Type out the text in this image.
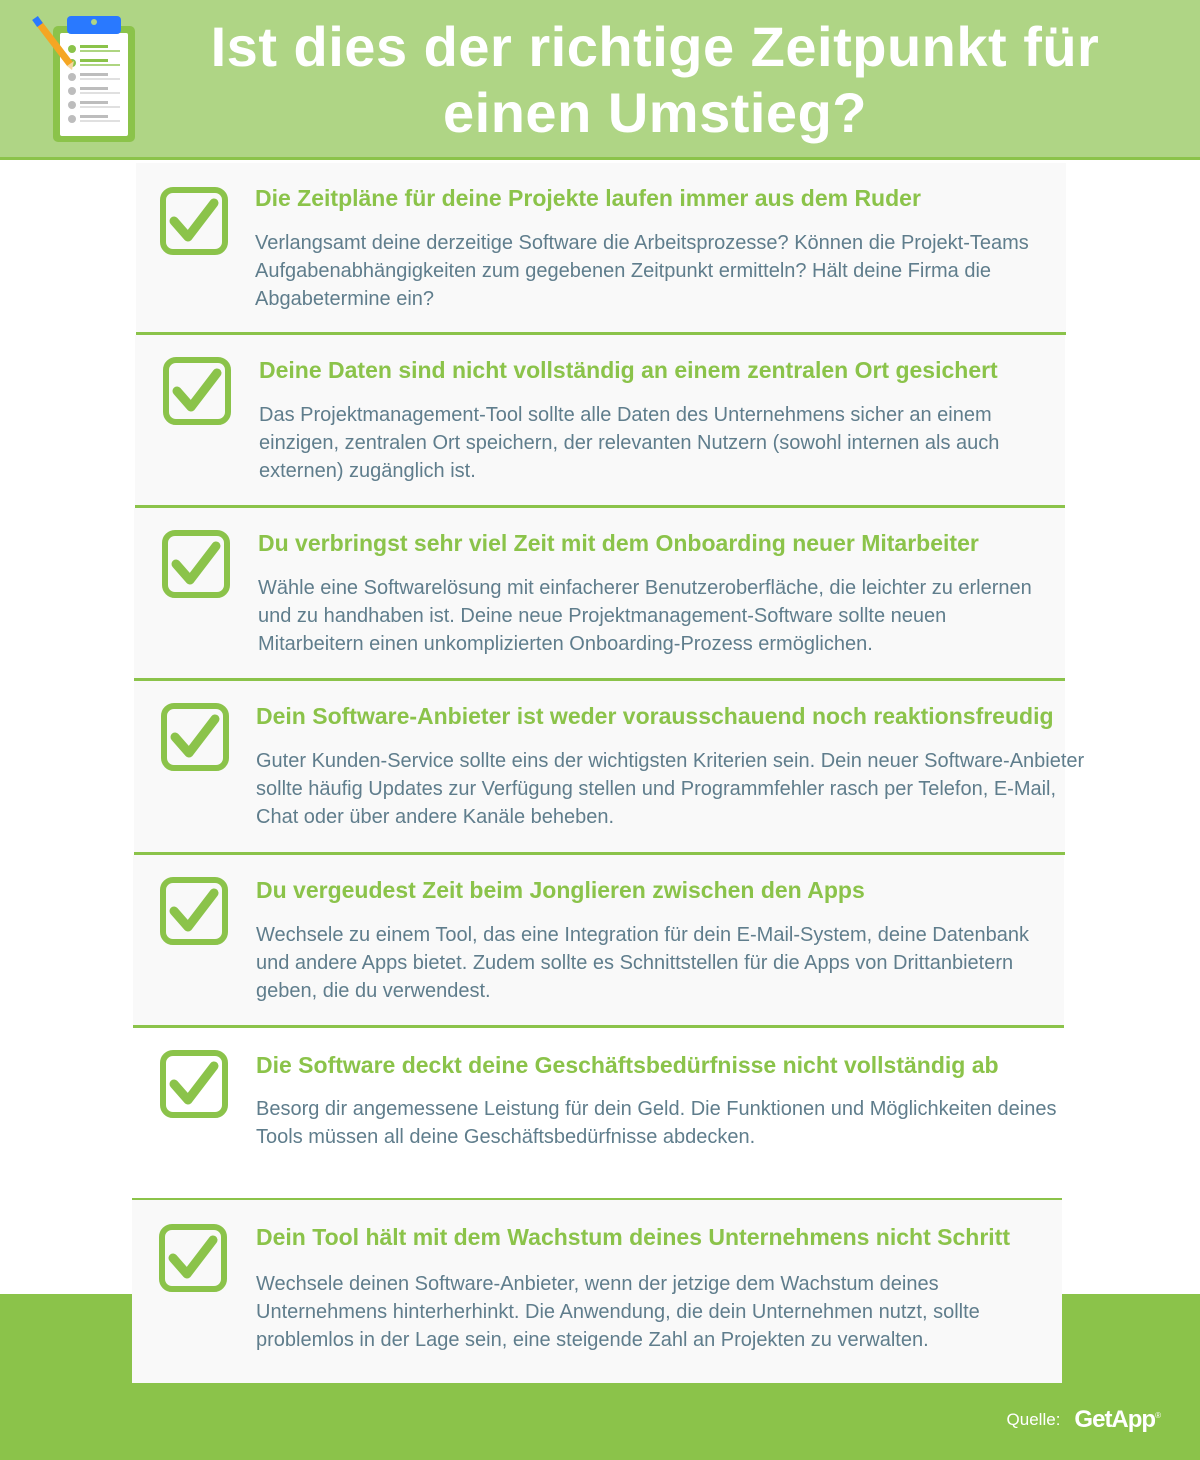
Ist dies der richtige Zeitpunkt für einen Umstieg?
Die Zeitpläne für deine Projekte laufen immer aus dem Ruder
Verlangsamt deine derzeitige Software die Arbeitsprozesse? Können die Projekt-Teams Aufgabenabhängigkeiten zum gegebenen Zeitpunkt ermitteln? Hält deine Firma die Abgabetermine ein?
Deine Daten sind nicht vollständig an einem zentralen Ort gesichert
Das Projektmanagement-Tool sollte alle Daten des Unternehmens sicher an einem einzigen, zentralen Ort speichern, der relevanten Nutzern (sowohl internen als auch externen) zugänglich ist.
Du verbringst sehr viel Zeit mit dem Onboarding neuer Mitarbeiter
Wähle eine Softwarelösung mit einfacherer Benutzeroberfläche, die leichter zu erlernen und zu handhaben ist. Deine neue Projektmanagement-Software sollte neuen Mitarbeitern einen unkomplizierten Onboarding-Prozess ermöglichen.
Dein Software-Anbieter ist weder vorausschauend noch reaktionsfreudig
Guter Kunden-Service sollte eins der wichtigsten Kriterien sein. Dein neuer Software-Anbieter sollte häufig Updates zur Verfügung stellen und Programmfehler rasch per Telefon, E-Mail, Chat oder über andere Kanäle beheben.
Du vergeudest Zeit beim Jonglieren zwischen den Apps
Wechsele zu einem Tool, das eine Integration für dein E-Mail-System, deine Datenbank und andere Apps bietet. Zudem sollte es Schnittstellen für die Apps von Drittanbietern geben, die du verwendest.
Die Software deckt deine Geschäftsbedürfnisse nicht vollständig ab
Besorg dir angemessene Leistung für dein Geld. Die Funktionen und Möglichkeiten deines Tools müssen all deine Geschäftsbedürfnisse abdecken.
Dein Tool hält mit dem Wachstum deines Unternehmens nicht Schritt
Wechsele deinen Software-Anbieter, wenn der jetzige dem Wachstum deines Unternehmens hinterherhinkt. Die Anwendung, die dein Unternehmen nutzt, sollte problemlos in der Lage sein, eine steigende Zahl an Projekten zu verwalten.
Quelle: GetApp®
